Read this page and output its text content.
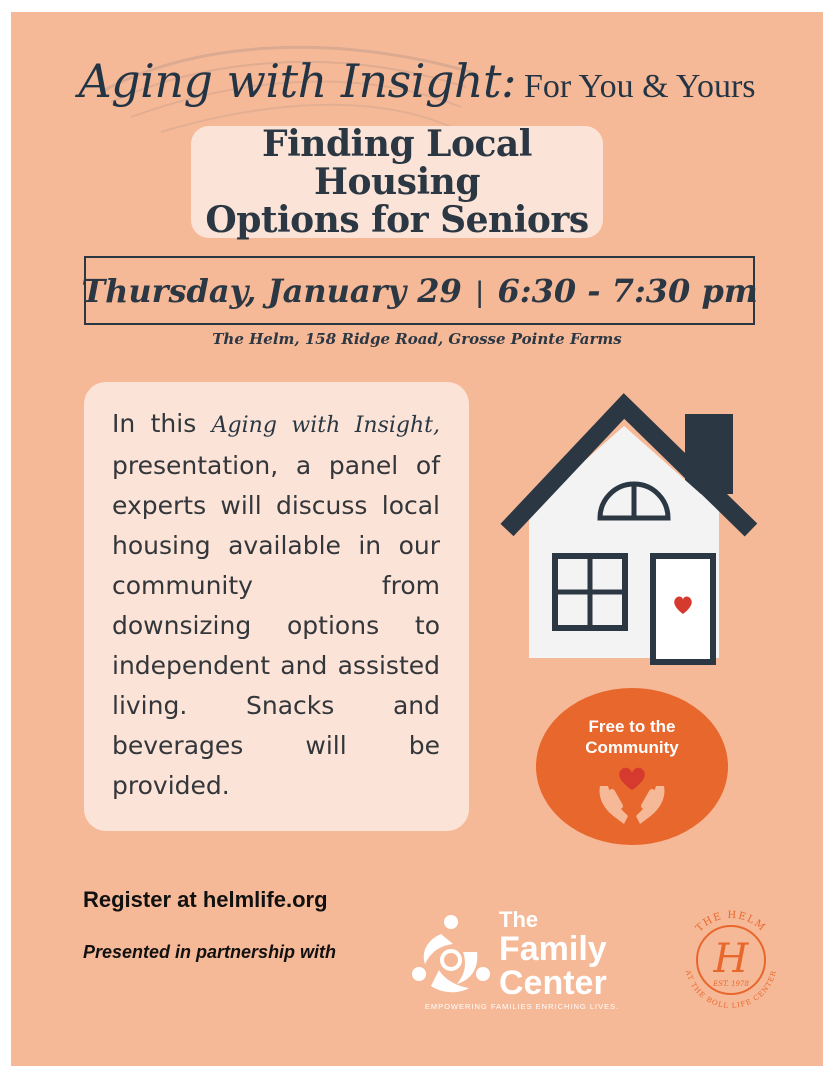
Aging with Insight: For You & Yours
Finding Local Housing
Options for Seniors
Thursday, January 29 | 6:30 - 7:30 pm
The Helm, 158 Ridge Road, Grosse Pointe Farms
In this Aging with Insight, presentation, a panel of experts will discuss local housing available in our community from downsizing options to independent and assisted living. Snacks and beverages will be provided.
Free to the
Community
Register at helmlife.org
Presented in partnership with
The
Family
Center
EMPOWERING FAMILIES ENRICHING LIVES.
THE HELM
AT THE BOLL LIFE CENTER
H
EST. 1978
